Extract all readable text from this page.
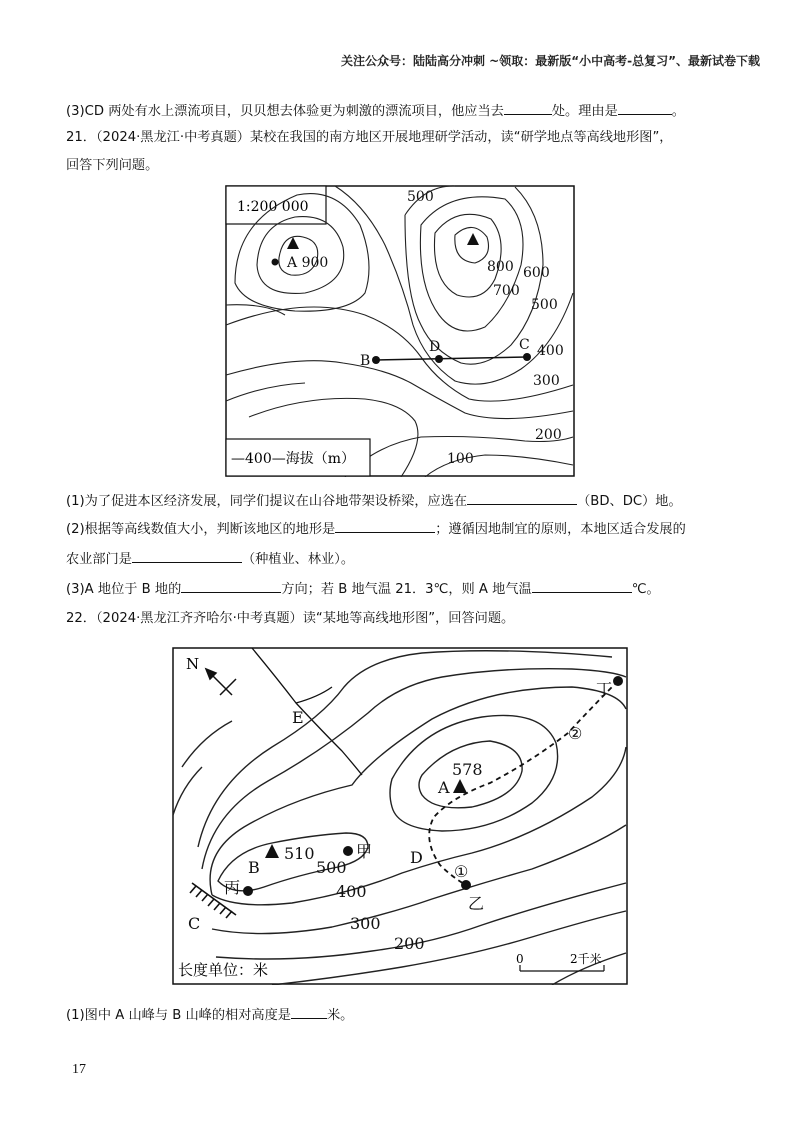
关注公众号：陆陆高分冲刺 ~领取：最新版“小中高考-总复习”、最新试卷下载
(3)CD 两处有水上漂流项目，贝贝想去体验更为刺激的漂流项目，他应当去	处。理由是	。
21．（2024·黑龙江·中考真题）某校在我国的南方地区开展地理研学活动，读“研学地点等高线地形图”，
回答下列问题。
1:200 000
500
A 900	800
700
600
500
400
300
200
100
B
D	C
—400—海拔（m）
(1)为了促进本区经济发展，同学们提议在山谷地带架设桥梁，应选在	（BD、DC）地。
(2)根据等高线数值大小，判断该地区的地形是	；遵循因地制宜的原则，本地区适合发展的
农业部门是	（种植业、林业）。
(3)A 地位于 B 地的	方向；若 B 地气温 21．3℃，则 A 地气温	℃。
22．（2024·黑龙江齐齐哈尔·中考真题）读“某地等高线地形图”，回答问题。
N
E
丁
②
578
A
B
510
500
甲 D
①
400
丙
300
乙
C
200
长度单位：米
0	2千米
(1)图中 A 山峰与 B 山峰的相对高度是	米。
17
